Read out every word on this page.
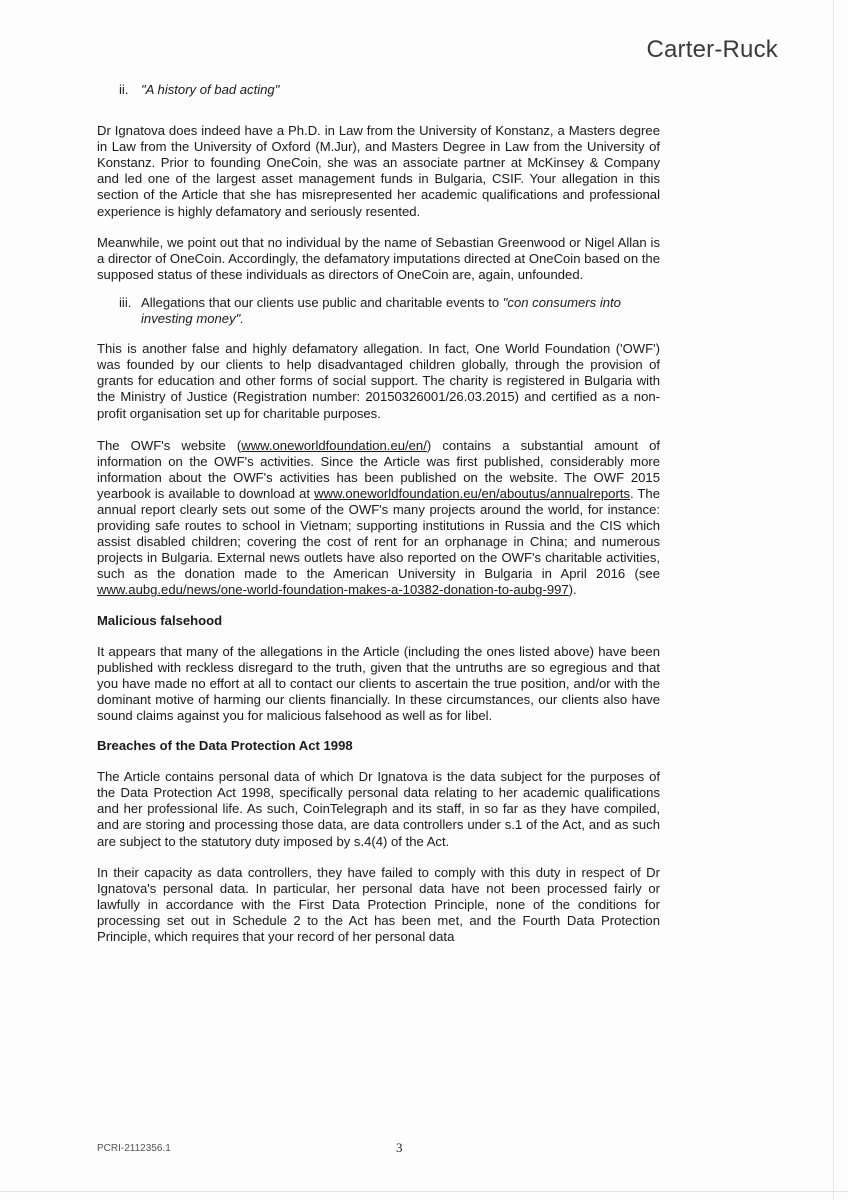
Carter-Ruck
ii. "A history of bad acting"

Dr Ignatova does indeed have a Ph.D. in Law from the University of Konstanz, a Masters degree in Law from the University of Oxford (M.Jur), and Masters Degree in Law from the University of Konstanz. Prior to founding OneCoin, she was an associate partner at McKinsey & Company and led one of the largest asset management funds in Bulgaria, CSIF. Your allegation in this section of the Article that she has misrepresented her academic qualifications and professional experience is highly defamatory and seriously resented.

Meanwhile, we point out that no individual by the name of Sebastian Greenwood or Nigel Allan is a director of OneCoin. Accordingly, the defamatory imputations directed at OneCoin based on the supposed status of these individuals as directors of OneCoin are, again, unfounded.

iii. Allegations that our clients use public and charitable events to "con consumers into investing money".

This is another false and highly defamatory allegation. In fact, One World Foundation ('OWF') was founded by our clients to help disadvantaged children globally, through the provision of grants for education and other forms of social support. The charity is registered in Bulgaria with the Ministry of Justice (Registration number: 20150326001/26.03.2015) and certified as a non-profit organisation set up for charitable purposes.

The OWF's website (www.oneworldfoundation.eu/en/) contains a substantial amount of information on the OWF's activities. Since the Article was first published, considerably more information about the OWF's activities has been published on the website. The OWF 2015 yearbook is available to download at www.oneworldfoundation.eu/en/aboutus/annualreports. The annual report clearly sets out some of the OWF's many projects around the world, for instance: providing safe routes to school in Vietnam; supporting institutions in Russia and the CIS which assist disabled children; covering the cost of rent for an orphanage in China; and numerous projects in Bulgaria. External news outlets have also reported on the OWF's charitable activities, such as the donation made to the American University in Bulgaria in April 2016 (see www.aubg.edu/news/one-world-foundation-makes-a-10382-donation-to-aubg-997).

Malicious falsehood

It appears that many of the allegations in the Article (including the ones listed above) have been published with reckless disregard to the truth, given that the untruths are so egregious and that you have made no effort at all to contact our clients to ascertain the true position, and/or with the dominant motive of harming our clients financially. In these circumstances, our clients also have sound claims against you for malicious falsehood as well as for libel.

Breaches of the Data Protection Act 1998

The Article contains personal data of which Dr Ignatova is the data subject for the purposes of the Data Protection Act 1998, specifically personal data relating to her academic qualifications and her professional life. As such, CoinTelegraph and its staff, in so far as they have compiled, and are storing and processing those data, are data controllers under s.1 of the Act, and as such are subject to the statutory duty imposed by s.4(4) of the Act.

In their capacity as data controllers, they have failed to comply with this duty in respect of Dr Ignatova's personal data. In particular, her personal data have not been processed fairly or lawfully in accordance with the First Data Protection Principle, none of the conditions for processing set out in Schedule 2 to the Act has been met, and the Fourth Data Protection Principle, which requires that your record of her personal data

PCRI-2112356.1	3
